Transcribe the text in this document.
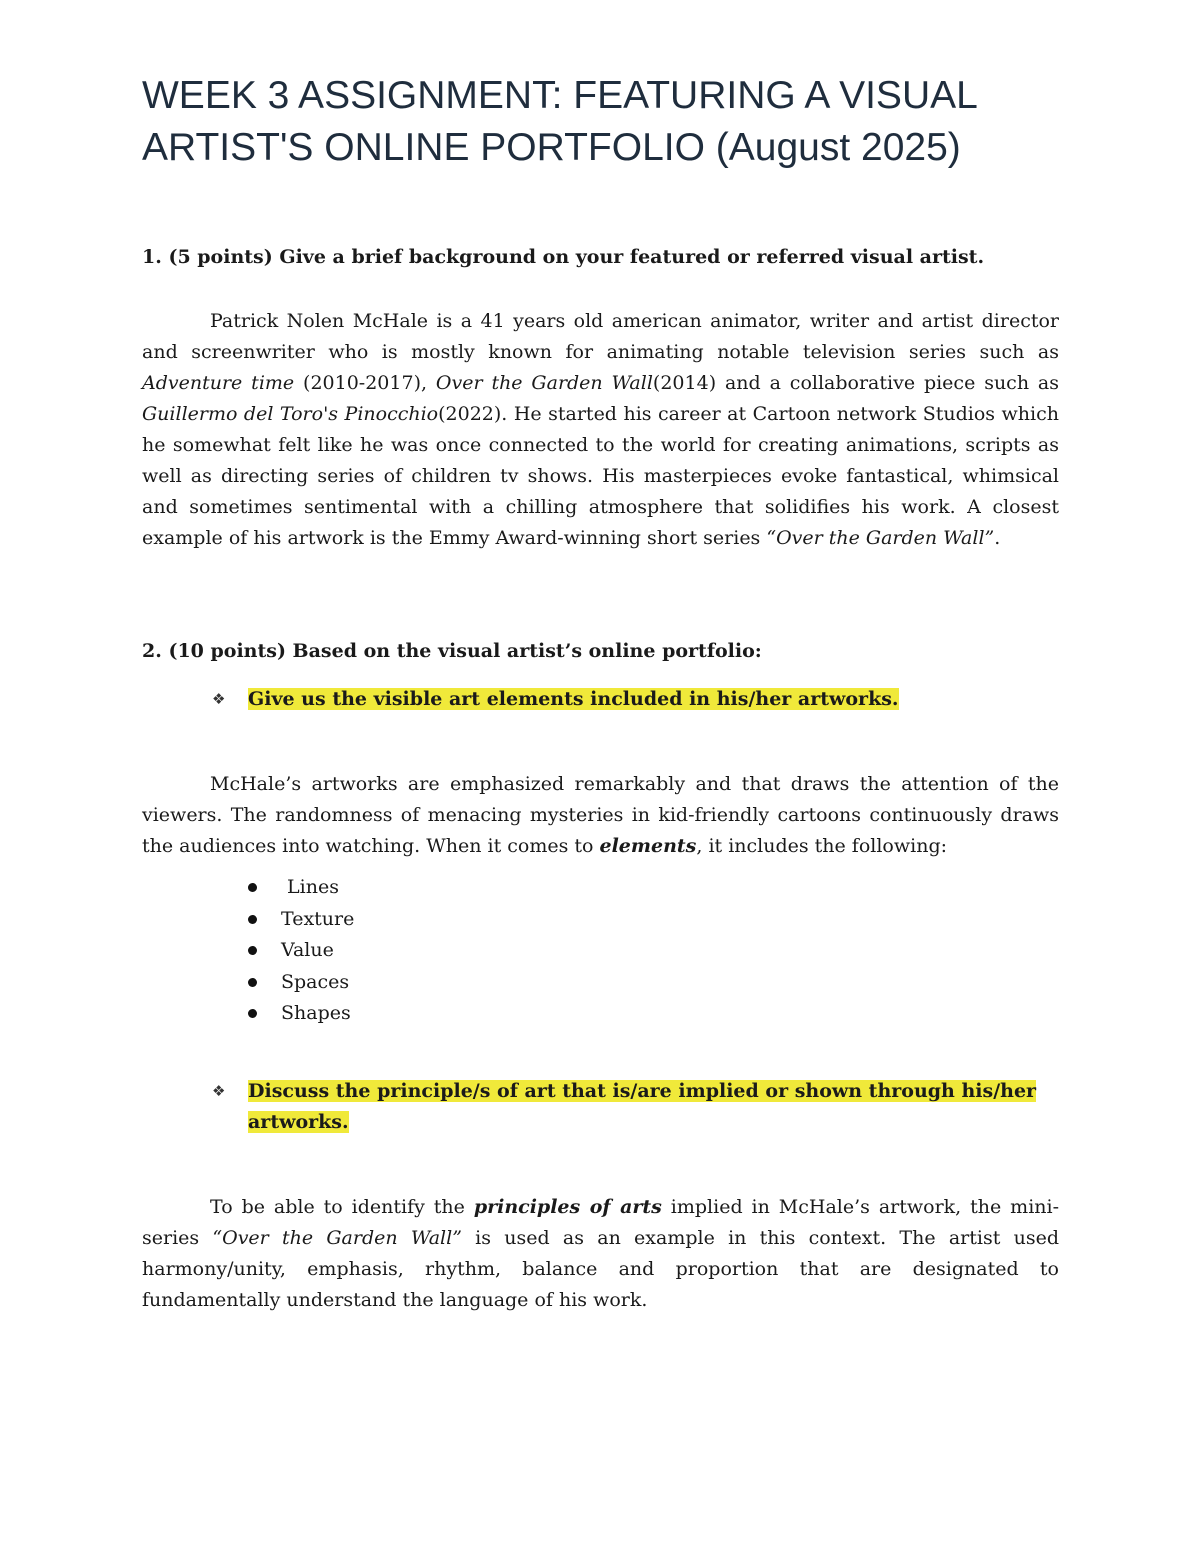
WEEK 3 ASSIGNMENT: FEATURING A VISUAL ARTIST'S ONLINE PORTFOLIO (August 2025)

1. (5 points) Give a brief background on your featured or referred visual artist.

Patrick Nolen McHale is a 41 years old american animator, writer and artist director and screenwriter who is mostly known for animating notable television series such as Adventure time (2010-2017), Over the Garden Wall(2014) and a collaborative piece such as Guillermo del Toro's Pinocchio(2022). He started his career at Cartoon network Studios which he somewhat felt like he was once connected to the world for creating animations, scripts as well as directing series of children tv shows. His masterpieces evoke fantastical, whimsical and sometimes sentimental with a chilling atmosphere that solidifies his work. A closest example of his artwork is the Emmy Award-winning short series “Over the Garden Wall”.

2. (10 points) Based on the visual artist’s online portfolio:

❖	Give us the visible art elements included in his/her artworks.

McHale’s artworks are emphasized remarkably and that draws the attention of the viewers. The randomness of menacing mysteries in kid-friendly cartoons continuously draws the audiences into watching. When it comes to elements, it includes the following:

Lines
Texture
Value
Spaces
Shapes
❖	Discuss the principle/s of art that is/are implied or shown through his/her artworks.

To be able to identify the principles of arts implied in McHale’s artwork, the mini-series “Over the Garden Wall” is used as an example in this context. The artist used harmony/unity, emphasis, rhythm, balance and proportion that are designated to fundamentally understand the language of his work.
